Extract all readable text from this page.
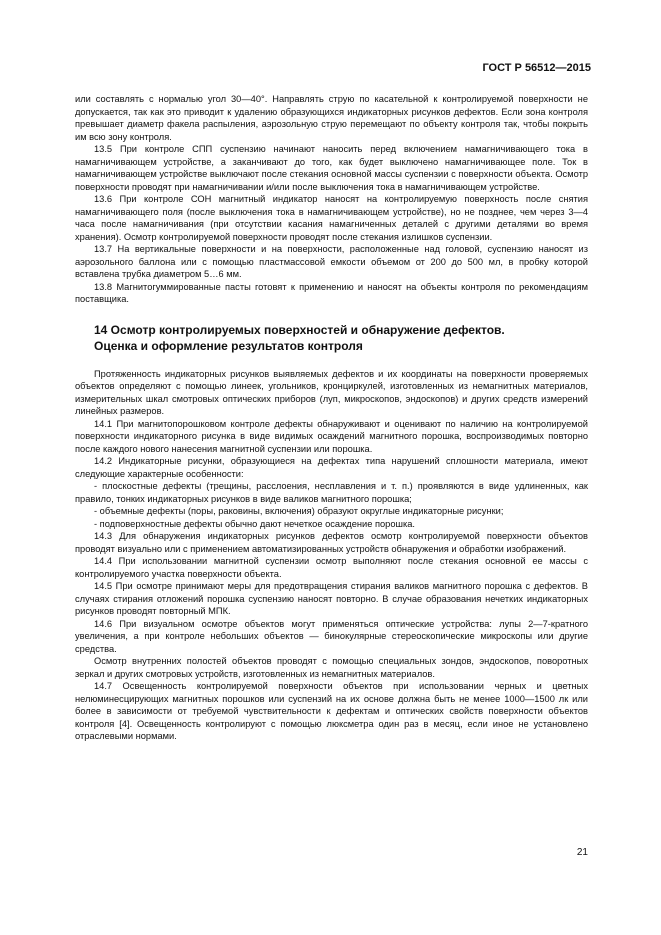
ГОСТ Р 56512—2015

или составлять с нормалью угол 30—40°. Направлять струю по касательной к контролируемой поверхности не допускается, так как это приводит к удалению образующихся индикаторных рисунков дефектов. Если зона контроля превышает диаметр факела распыления, аэрозольную струю перемещают по объекту контроля так, чтобы покрыть им всю зону контроля.

13.5 При контроле СПП суспензию начинают наносить перед включением намагничивающего тока в намагничивающем устройстве, а заканчивают до того, как будет выключено намагничивающее поле. Ток в намагничивающем устройстве выключают после стекания основной массы суспензии с поверхности объекта. Осмотр поверхности проводят при намагничивании и/или после выключения тока в намагничивающем устройстве.

13.6 При контроле СОН магнитный индикатор наносят на контролируемую поверхность после снятия намагничивающего поля (после выключения тока в намагничивающем устройстве), но не позднее, чем через 3—4 часа после намагничивания (при отсутствии касания намагниченных деталей с другими деталями во время хранения). Осмотр контролируемой поверхности проводят после стекания излишков суспензии.

13.7 На вертикальные поверхности и на поверхности, расположенные над головой, суспензию наносят из аэрозольного баллона или с помощью пластмассовой емкости объемом от 200 до 500 мл, в пробку которой вставлена трубка диаметром 5…6 мм.

13.8 Магнитогуммированные пасты готовят к применению и наносят на объекты контроля по рекомендациям поставщика.

14 Осмотр контролируемых поверхностей и обнаружение дефектов.
Оценка и оформление результатов контроля

Протяженность индикаторных рисунков выявляемых дефектов и их координаты на поверхности проверяемых объектов определяют с помощью линеек, угольников, кронциркулей, изготовленных из немагнитных материалов, измерительных шкал смотровых оптических приборов (луп, микроскопов, эндоскопов) и других средств измерений линейных размеров.

14.1 При магнитопорошковом контроле дефекты обнаруживают и оценивают по наличию на контролируемой поверхности индикаторного рисунка в виде видимых осаждений магнитного порошка, воспроизводимых повторно после каждого нового нанесения магнитной суспензии или порошка.

14.2 Индикаторные рисунки, образующиеся на дефектах типа нарушений сплошности материала, имеют следующие характерные особенности:

- плоскостные дефекты (трещины, расслоения, несплавления и т. п.) проявляются в виде удлиненных, как правило, тонких индикаторных рисунков в виде валиков магнитного порошка;

- объемные дефекты (поры, раковины, включения) образуют округлые индикаторные рисунки;

- подповерхностные дефекты обычно дают нечеткое осаждение порошка.

14.3 Для обнаружения индикаторных рисунков дефектов осмотр контролируемой поверхности объектов проводят визуально или с применением автоматизированных устройств обнаружения и обработки изображений.

14.4 При использовании магнитной суспензии осмотр выполняют после стекания основной ее массы с контролируемого участка поверхности объекта.

14.5 При осмотре принимают меры для предотвращения стирания валиков магнитного порошка с дефектов. В случаях стирания отложений порошка суспензию наносят повторно. В случае образования нечетких индикаторных рисунков проводят повторный МПК.

14.6 При визуальном осмотре объектов могут применяться оптические устройства: лупы 2—7-кратного увеличения, а при контроле небольших объектов — бинокулярные стереоскопические микроскопы или другие средства.

Осмотр внутренних полостей объектов проводят с помощью специальных зондов, эндоскопов, поворотных зеркал и других смотровых устройств, изготовленных из немагнитных материалов.

14.7 Освещенность контролируемой поверхности объектов при использовании черных и цветных нелюминесцирующих магнитных порошков или суспензий на их основе должна быть не менее 1000—1500 лк или более в зависимости от требуемой чувствительности к дефектам и оптических свойств поверхности объектов контроля [4]. Освещенность контролируют с помощью люксметра один раз в месяц, если иное не установлено отраслевыми нормами.

21
